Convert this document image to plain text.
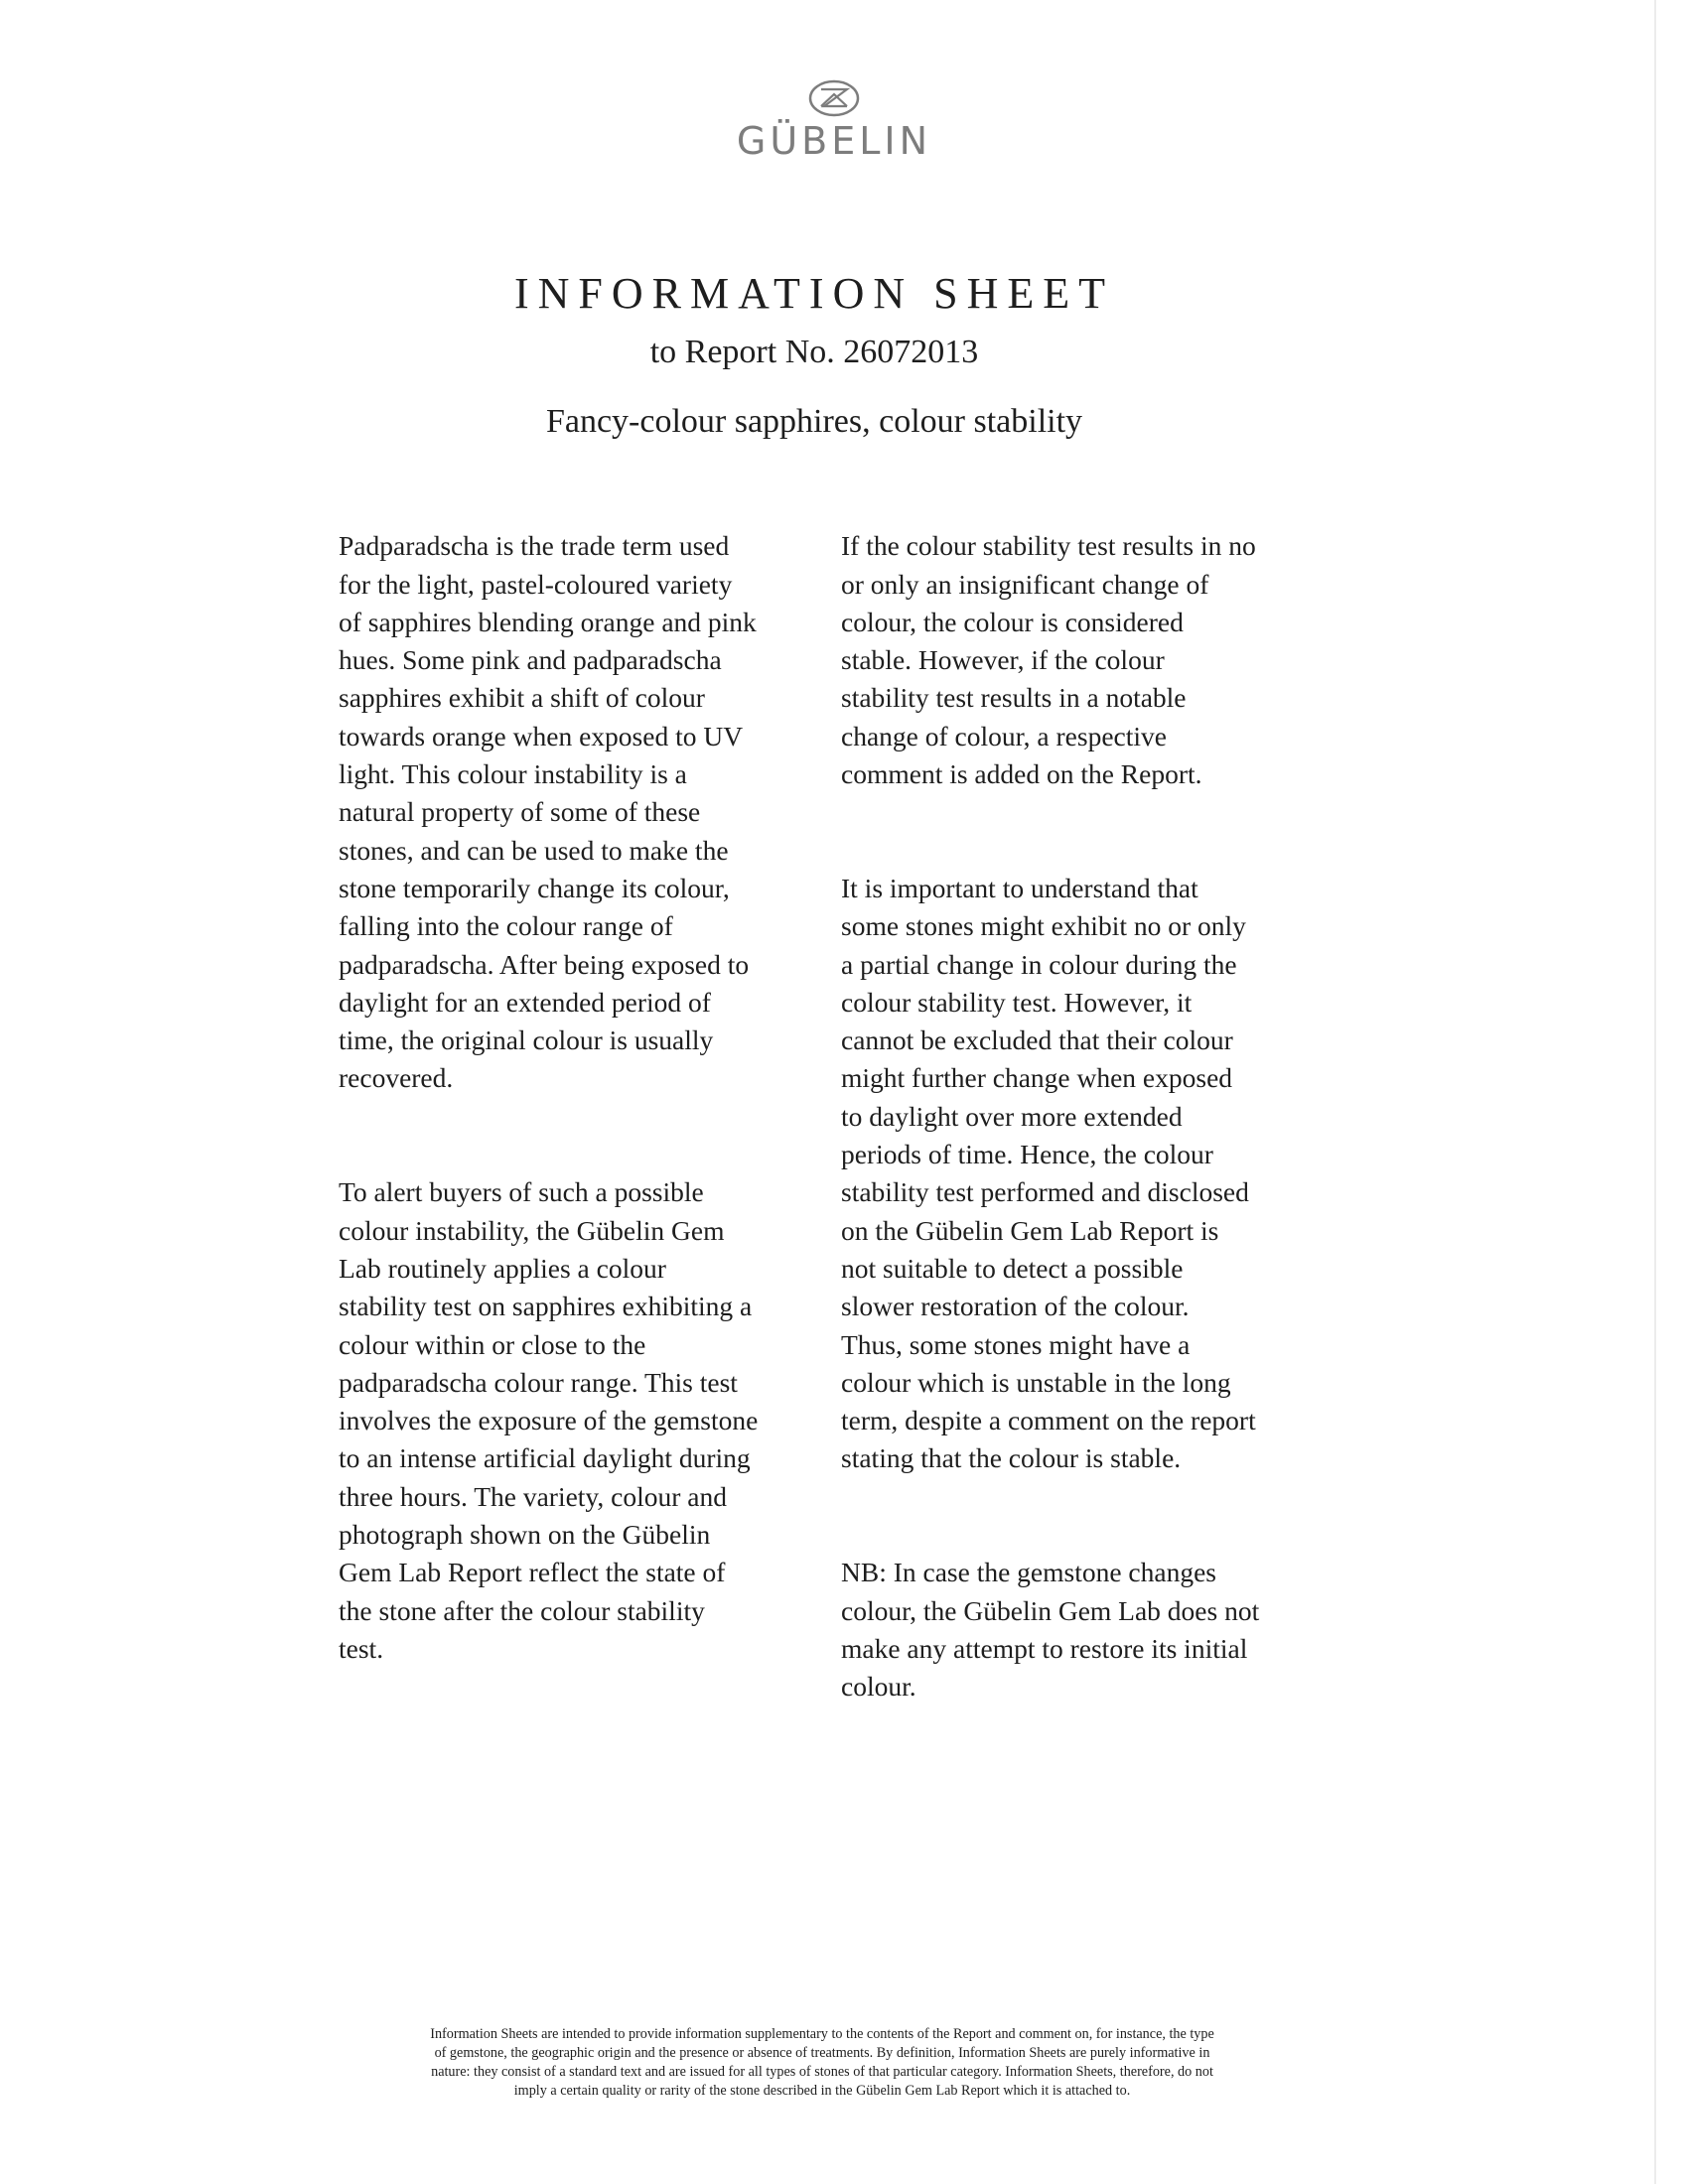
GÜBELIN
INFORMATION SHEET
to Report No. 26072013
Fancy-colour sapphires, colour stability

Padparadscha is the trade term used
for the light, pastel-coloured variety
of sapphires blending orange and pink
hues. Some pink and padparadscha
sapphires exhibit a shift of colour
towards orange when exposed to UV
light. This colour instability is a
natural property of some of these
stones, and can be used to make the
stone temporarily change its colour,
falling into the colour range of
padparadscha. After being exposed to
daylight for an extended period of
time, the original colour is usually
recovered.

To alert buyers of such a possible
colour instability, the Gübelin Gem
Lab routinely applies a colour
stability test on sapphires exhibiting a
colour within or close to the
padparadscha colour range. This test
involves the exposure of the gemstone
to an intense artificial daylight during
three hours. The variety, colour and
photograph shown on the Gübelin
Gem Lab Report reflect the state of
the stone after the colour stability
test.

If the colour stability test results in no
or only an insignificant change of
colour, the colour is considered
stable. However, if the colour
stability test results in a notable
change of colour, a respective
comment is added on the Report.

It is important to understand that
some stones might exhibit no or only
a partial change in colour during the
colour stability test. However, it
cannot be excluded that their colour
might further change when exposed
to daylight over more extended
periods of time. Hence, the colour
stability test performed and disclosed
on the Gübelin Gem Lab Report is
not suitable to detect a possible
slower restoration of the colour.
Thus, some stones might have a
colour which is unstable in the long
term, despite a comment on the report
stating that the colour is stable.

NB: In case the gemstone changes
colour, the Gübelin Gem Lab does not
make any attempt to restore its initial
colour.

Information Sheets are intended to provide information supplementary to the contents of the Report and comment on, for instance, the type
of gemstone, the geographic origin and the presence or absence of treatments. By definition, Information Sheets are purely informative in
nature: they consist of a standard text and are issued for all types of stones of that particular category. Information Sheets, therefore, do not
imply a certain quality or rarity of the stone described in the Gübelin Gem Lab Report which it is attached to.
